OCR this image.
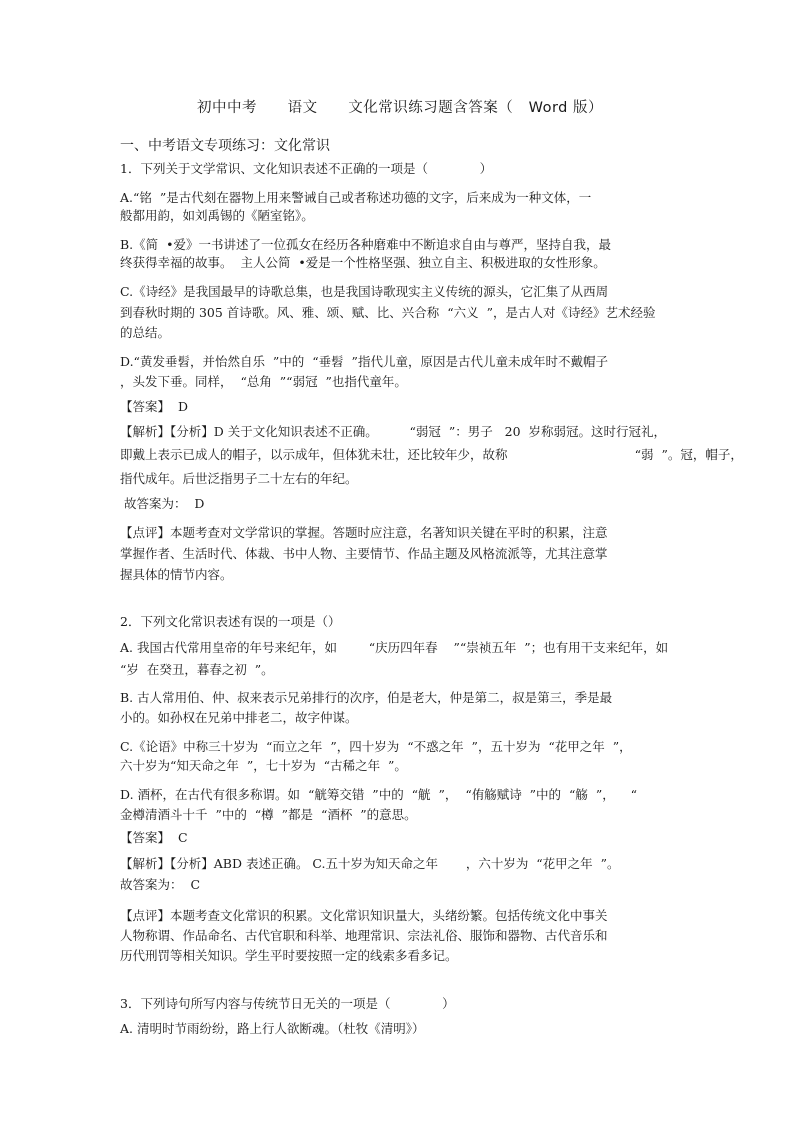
初中中考      语文      文化常识练习题含答案（   Word 版）
一、中考语文专项练习：文化常识
1．下列关于文学常识、文化知识表述不正确的一项是（             ）
A.“铭  ”是古代刻在器物上用来警诫自己或者称述功德的文字，后来成为一种文体，一
般都用韵，如刘禹锡的《陋室铭》。
B.《简  •爱》一书讲述了一位孤女在经历各种磨难中不断追求自由与尊严，坚持自我，最
终获得幸福的故事。  主人公简  •爱是一个性格坚强、独立自主、积极进取的女性形象。
C.《诗经》是我国最早的诗歌总集，也是我国诗歌现实主义传统的源头，它汇集了从西周
到春秋时期的 305 首诗歌。风、雅、颂、赋、比、兴合称  “六义  ”，是古人对《诗经》艺术经验
的总结。
D.“黄发垂髫，并怡然自乐  ”中的  “垂髫  ”指代儿童，原因是古代儿童未成年时不戴帽子
，头发下垂。同样，  “总角  ”“弱冠  ”也指代童年。
【答案】  D
【解析】【分析】D 关于文化知识表述不正确。        “弱冠  ”：男子   20  岁称弱冠。这时行冠礼，
即戴上表示已成人的帽子，以示成年，但体犹未壮，还比较年少，故称                                “弱  ”。冠，帽子，
指代成年。后世泛指男子二十左右的年纪。
故答案为：  D
【点评】本题考查对文学常识的掌握。答题时应注意，名著知识关键在平时的积累，注意
掌握作者、生活时代、体裁、书中人物、主要情节、作品主题及风格流派等，尤其注意掌
握具体的情节内容。
2．下列文化常识表述有误的一项是（）
A. 我国古代常用皇帝的年号来纪年，如        “庆历四年春    ”“崇祯五年  ”；也有用干支来纪年，如
“岁  在癸丑，暮春之初  ”。
B. 古人常用伯、仲、叔来表示兄弟排行的次序，伯是老大，仲是第二，叔是第三，季是最
小的。如孙权在兄弟中排老二，故字仲谋。
C.《论语》中称三十岁为  “而立之年  ”，四十岁为  “不惑之年  ”，五十岁为  “花甲之年  ”，
六十岁为“知天命之年  ”，七十岁为  “古稀之年  ”。
D. 酒杯，在古代有很多称谓。如  “觥筹交错  ”中的  “觥  ”，  “侑觞赋诗  ”中的  “觞  ”，    “
金樽清酒斗十千  ”中的  “樽  ”都是  “酒杯  ”的意思。
【答案】  C
【解析】【分析】ABD 表述正确。 C.五十岁为知天命之年       ，六十岁为  “花甲之年  ”。
故答案为：  C
【点评】本题考查文化常识的积累。文化常识知识量大，头绪纷繁。包括传统文化中事关
人物称谓、作品命名、古代官职和科举、地理常识、宗法礼俗、服饰和器物、古代音乐和
历代刑罚等相关知识。学生平时要按照一定的线索多看多记。
3．下列诗句所写内容与传统节日无关的一项是（             ）
A. 清明时节雨纷纷，路上行人欲断魂。（杜牧《清明》）
